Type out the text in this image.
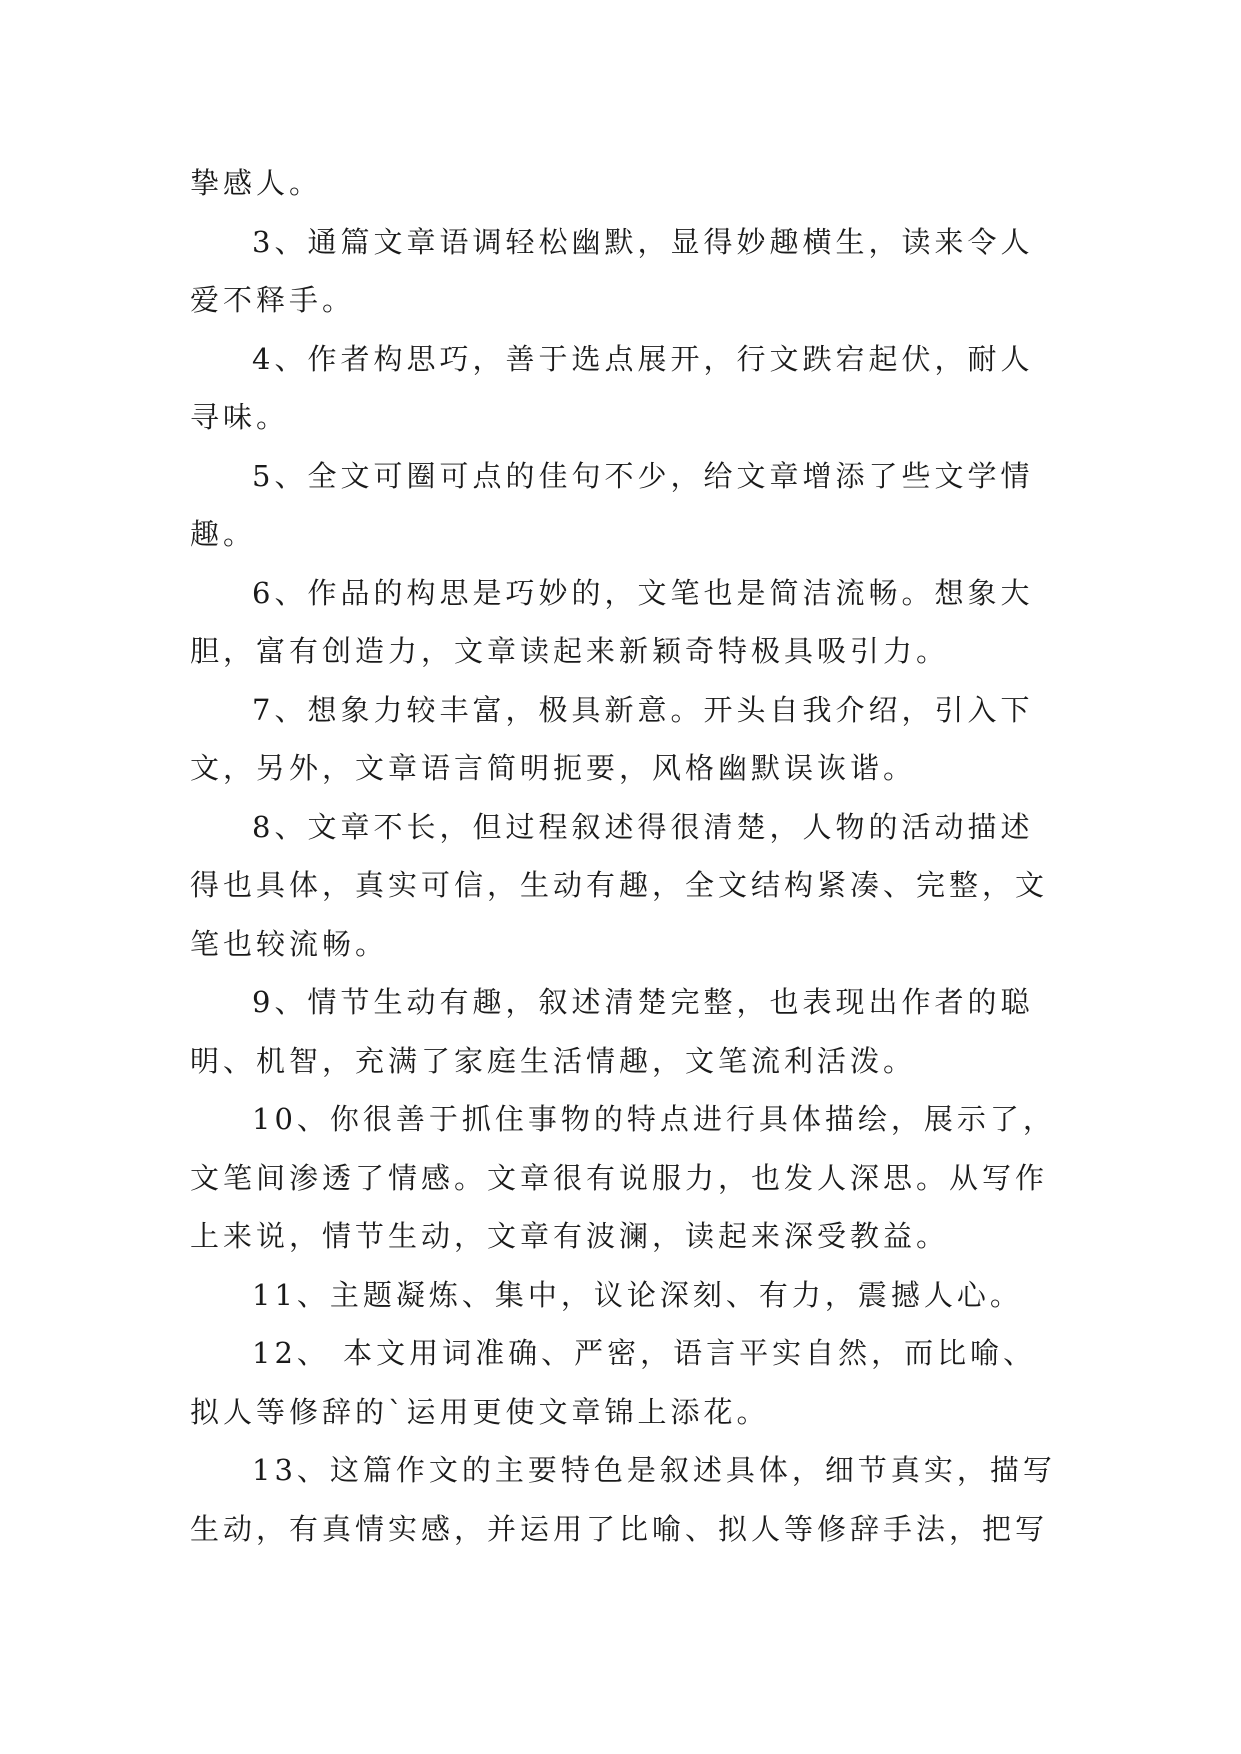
挚感人。
3、通篇文章语调轻松幽默，显得妙趣横生，读来令人
爱不释手。
4、作者构思巧，善于选点展开，行文跌宕起伏，耐人
寻味。
5、全文可圈可点的佳句不少，给文章增添了些文学情
趣。
6、作品的构思是巧妙的，文笔也是简洁流畅。想象大
胆，富有创造力，文章读起来新颖奇特极具吸引力。
7、想象力较丰富，极具新意。开头自我介绍，引入下
文，另外，文章语言简明扼要，风格幽默误诙谐。
8、文章不长，但过程叙述得很清楚，人物的活动描述
得也具体，真实可信，生动有趣，全文结构紧凑、完整，文
笔也较流畅。
9、情节生动有趣，叙述清楚完整，也表现出作者的聪
明、机智，充满了家庭生活情趣，文笔流利活泼。
10、你很善于抓住事物的特点进行具体描绘，展示了，
文笔间渗透了情感。文章很有说服力，也发人深思。从写作
上来说，情节生动，文章有波澜，读起来深受教益。
11、主题凝炼、集中，议论深刻、有力，震撼人心。
12、 本文用词准确、严密，语言平实自然，而比喻、
拟人等修辞的`运用更使文章锦上添花。
13、这篇作文的主要特色是叙述具体，细节真实，描写
生动，有真情实感，并运用了比喻、拟人等修辞手法，把写
